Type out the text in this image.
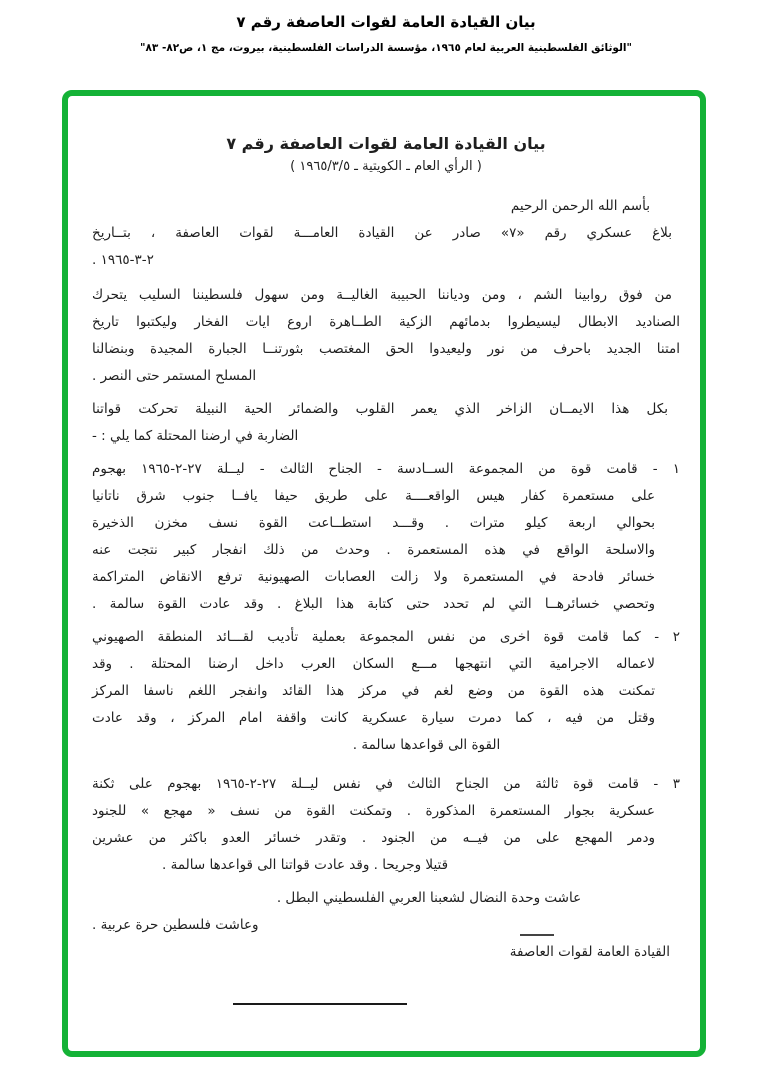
بيان القيادة العامة لقوات العاصفة رقم ٧
"الوثائق الفلسطينية العربية لعام ١٩٦٥، مؤسسة الدراسات الفلسطينية، بيروت، مج ١، ص٨٢- ٨٣"
بيان القيادة العامة لقوات العاصفة رقم ٧
( الرأي العام ـ الكويتية ـ ١٩٦٥/٣/٥ )
بأسم الله الرحمن الرحيم
بلاغ عسكري رقم «٧» صادر عن القيادة العامـــة لقوات العاصفة ، بتــاريخ
٢-٣-١٩٦٥ .
من فوق روابينا الشم ، ومن ودياننا الحبيبة الغاليــة ومن سهول فلسطيننا السليب يتحرك
الصناديد الابطال ليسيطروا بدمائهم الزكية الطــاهرة اروع ايات الفخار وليكتبوا تاريخ
امتنا الجديد باحرف من نور وليعيدوا الحق المغتصب بثورتنــا الجبارة المجيدة وبنضالنا
المسلح المستمر حتى النصر .
بكل هذا الايمــان الزاخر الذي يعمر القلوب والضمائر الحية النبيلة تحركت قواتنا
الضاربة في ارضنا المحتلة كما يلي : -
١ - قامت قوة من المجموعة الســادسة - الجناح الثالث - ليــلة ٢٧-٢-١٩٦٥ بهجوم
على مستعمرة كفار هيس الواقعــــة على طريق حيفا يافــا جنوب شرق ناتانيا
بحوالي اربعة كيلو مترات . وقـــد استطــاعت القوة نسف مخزن الذخيرة
والاسلحة الواقع في هذه المستعمرة . وحدث من ذلك انفجار كبير نتجت عنه
خسائر فادحة في المستعمرة ولا زالت العصابات الصهيونية ترفع الانقاض المتراكمة
وتحصي خسائرهــا التي لم تحدد حتى كتابة هذا البلاغ . وقد عادت القوة سالمة .
٢ - كما قامت قوة اخرى من نفس المجموعة بعملية تأديب لقـــائد المنطقة الصهيوني
لاعماله الاجرامية التي انتهجها مـــع السكان العرب داخل ارضنا المحتلة . وقد
تمكنت هذه القوة من وضع لغم في مركز هذا القائد وانفجر اللغم ناسفا المركز
وقتل من فيه ، كما دمرت سيارة عسكرية كانت واقفة امام المركز ، وقد عادت
القوة الى قواعدها سالمة .
٣ - قامت قوة ثالثة من الجناح الثالث في نفس ليــلة ٢٧-٢-١٩٦٥ بهجوم على ثكنة
عسكرية بجوار المستعمرة المذكورة . وتمكنت القوة من نسف « مهجع » للجنود
ودمر المهجع على من فيــه من الجنود . وتقدر خسائر العدو باكثر من عشرين
قتيلا وجريحا . وقد عادت قواتنا الى قواعدها سالمة .
عاشت وحدة النضال لشعبنا العربي الفلسطيني البطل .
وعاشت فلسطين حرة عربية .
القيادة العامة لقوات العاصفة
